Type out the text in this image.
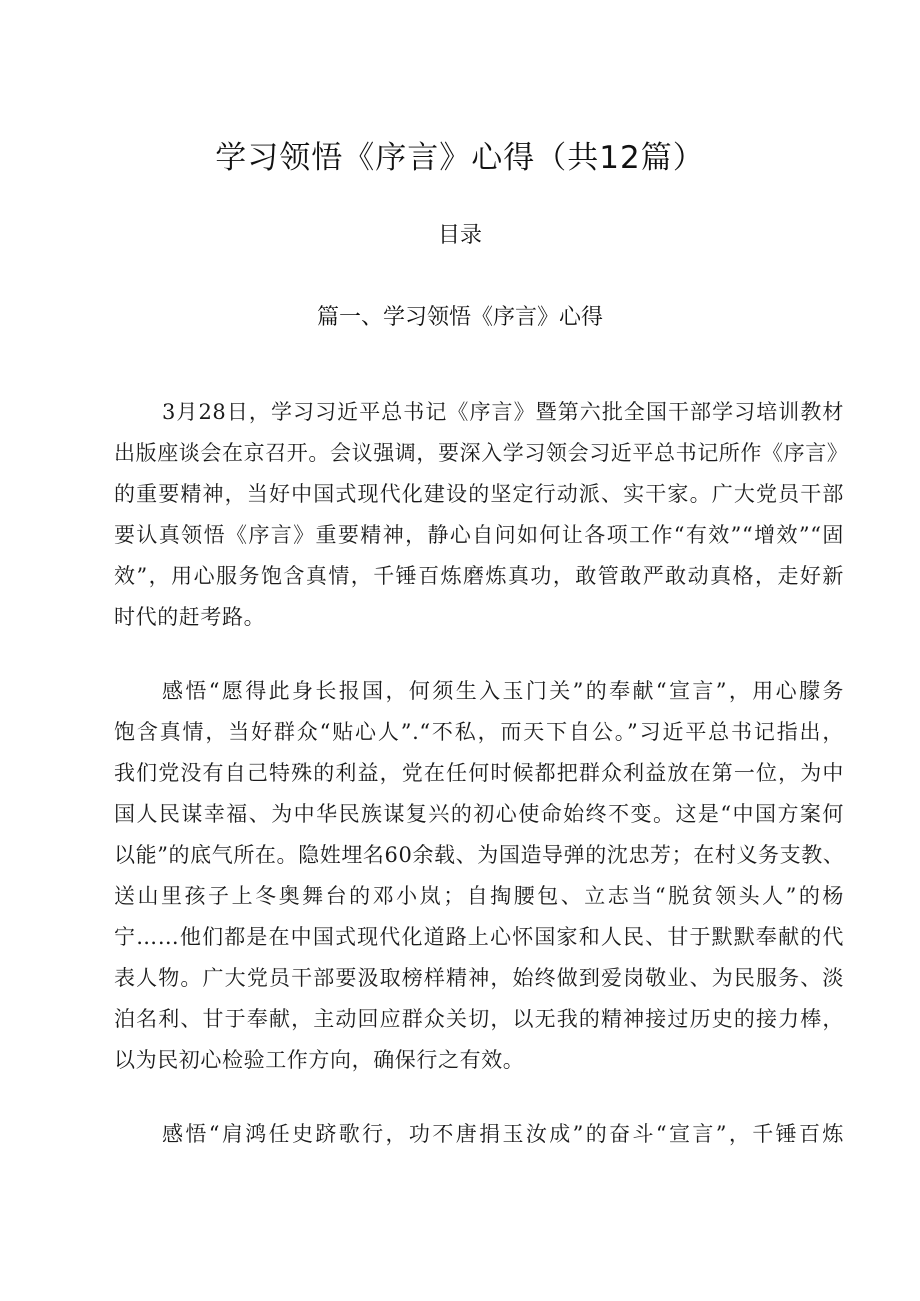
学习领悟《序言》心得（共12篇）
目录
篇一、学习领悟《序言》心得
3月28日，学习习近平总书记《序言》暨第六批全国干部学习培训教材
出版座谈会在京召开。会议强调，要深入学习领会习近平总书记所作《序言》
的重要精神，当好中国式现代化建设的坚定行动派、实干家。广大党员干部
要认真领悟《序言》重要精神，静心自问如何让各项工作“有效”“增效”“固
效”，用心服务饱含真情，千锤百炼磨炼真功，敢管敢严敢动真格，走好新
时代的赶考路。
感悟“愿得此身长报国，何须生入玉门关”的奉献“宣言”，用心朦务
饱含真情，当好群众“贴心人”.“不私，而天下自公。”习近平总书记指出，
我们党没有自己特殊的利益，党在任何时候都把群众利益放在第一位，为中
国人民谋幸福、为中华民族谋复兴的初心使命始终不变。这是“中国方案何
以能”的底气所在。隐姓埋名60余载、为国造导弹的沈忠芳；在村义务支教、
送山里孩子上冬奥舞台的邓小岚；自掏腰包、立志当“脱贫领头人”的杨
宁……他们都是在中国式现代化道路上心怀国家和人民、甘于默默奉献的代
表人物。广大党员干部要汲取榜样精神，始终做到爱岗敬业、为民服务、淡
泊名利、甘于奉献，主动回应群众关切，以无我的精神接过历史的接力棒，
以为民初心检验工作方向，确保行之有效。
感悟“肩鸿任史跻歌行，功不唐捐玉汝成”的奋斗“宣言”，千锤百炼
